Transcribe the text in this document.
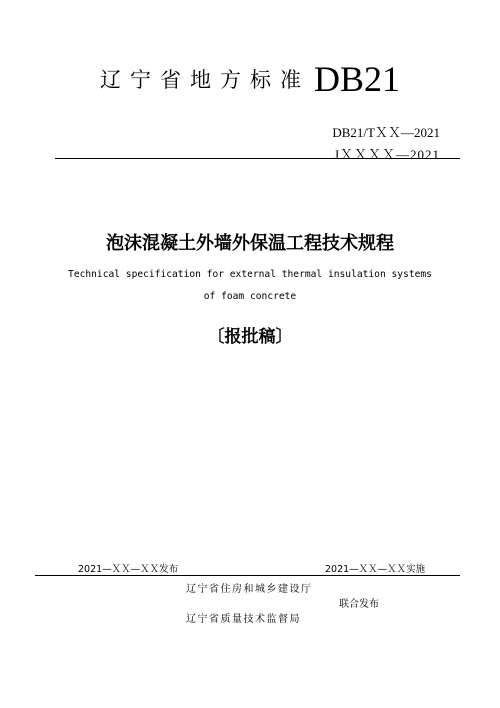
辽宁省地方标准 DB21
DB21/TＸＸ—2021
JＸＸＸＸ—2021
泡沫混凝土外墙外保温工程技术规程
Technical specification for external thermal insulation systems of foam concrete
〔报批稿〕
2021—ＸＸ—ＸＸ发布	2021—ＸＸ—ＸＸ实施
辽宁省住房和城乡建设厅
联合发布
辽宁省质量技术监督局
